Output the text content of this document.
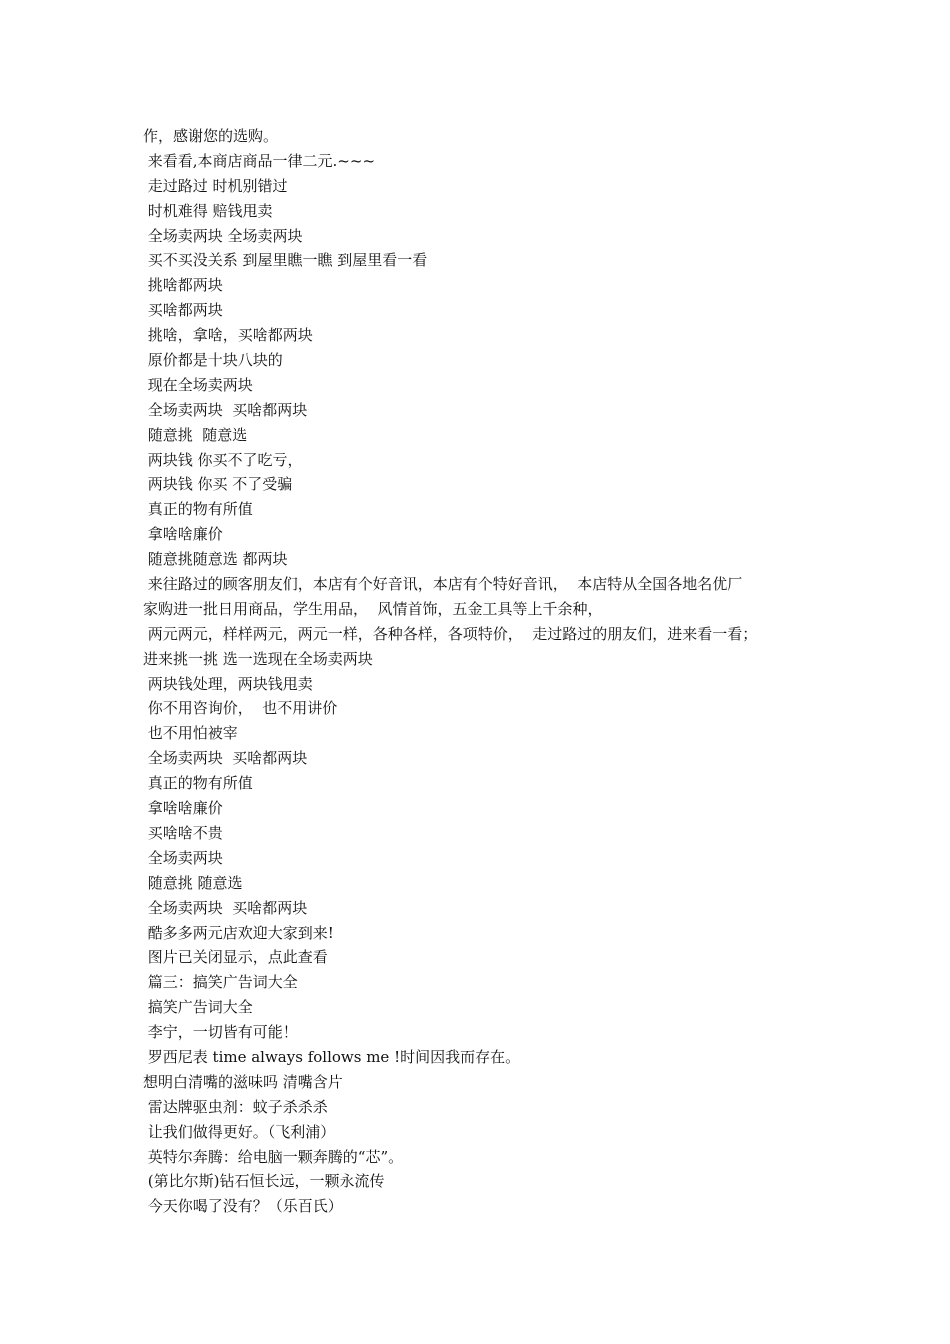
作，感谢您的选购。
来看看,本商店商品一律二元.~~~
走过路过 时机别错过
时机难得 赔钱甩卖
全场卖两块 全场卖两块
买不买没关系 到屋里瞧一瞧 到屋里看一看
挑啥都两块
买啥都两块
挑啥，拿啥，买啥都两块
原价都是十块八块的
现在全场卖两块
全场卖两块  买啥都两块
随意挑  随意选
两块钱 你买不了吃亏，
两块钱 你买 不了受骗
真正的物有所值
拿啥啥廉价
随意挑随意选 都两块
来往路过的顾客朋友们，本店有个好音讯，本店有个特好音讯，  本店特从全国各地名优厂
家购进一批日用商品，学生用品，  风情首饰，五金工具等上千余种，
两元两元，样样两元，两元一样，各种各样，各项特价，  走过路过的朋友们，进来看一看；
进来挑一挑 选一选现在全场卖两块
两块钱处理，两块钱甩卖
你不用咨询价，  也不用讲价
也不用怕被宰
全场卖两块  买啥都两块
真正的物有所值
拿啥啥廉价
买啥啥不贵
全场卖两块
随意挑 随意选
全场卖两块  买啥都两块
酷多多两元店欢迎大家到来!
图片已关闭显示，点此查看
篇三：搞笑广告词大全
搞笑广告词大全
李宁，一切皆有可能！
罗西尼表 time always follows me !时间因我而存在。
想明白清嘴的滋味吗 清嘴含片
雷达牌驱虫剂：蚊子杀杀杀
让我们做得更好。（飞利浦）
英特尔奔腾：给电脑一颗奔腾的“芯”。
(第比尔斯)钻石恒长远，一颗永流传
今天你喝了没有？（乐百氏）
